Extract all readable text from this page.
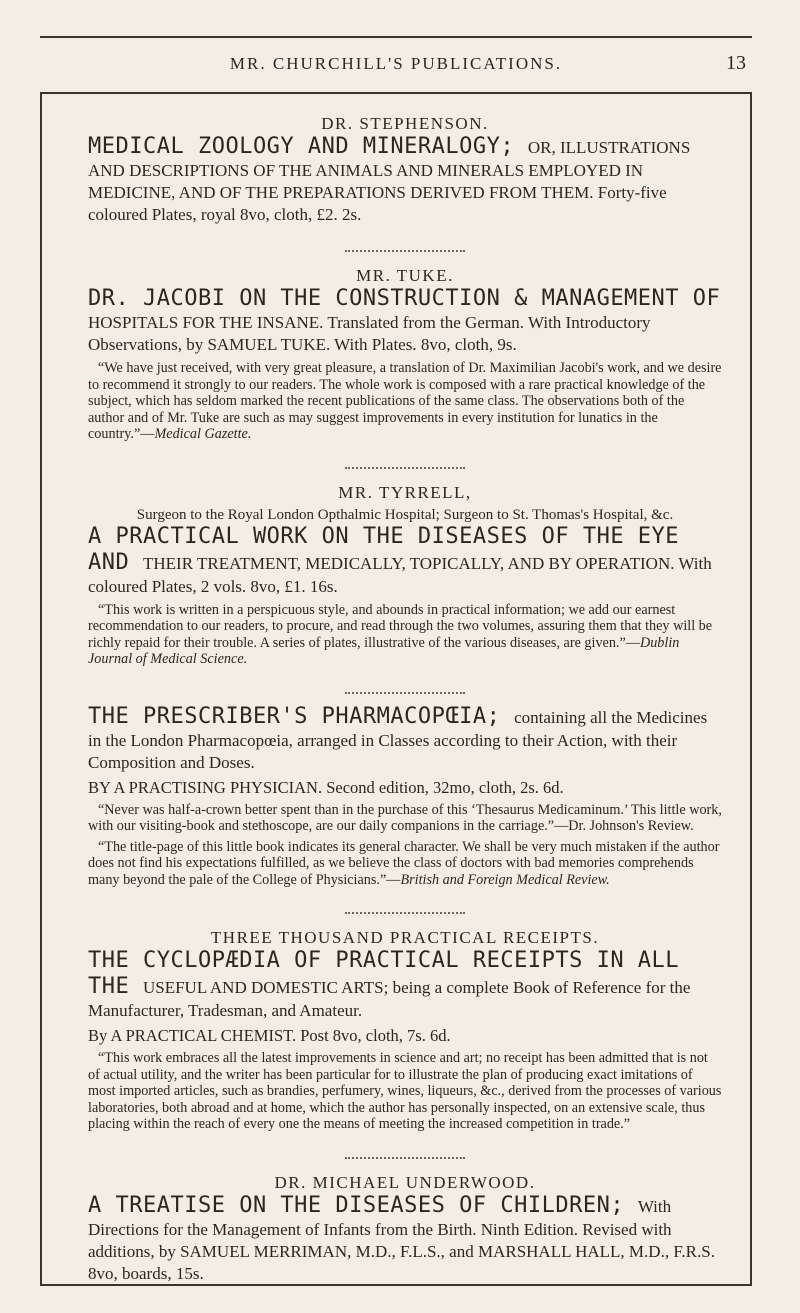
MR. CHURCHILL'S PUBLICATIONS.	13
DR. STEPHENSON.
MEDICAL ZOOLOGY AND MINERALOGY; OR, ILLUSTRATIONS AND DESCRIPTIONS OF THE ANIMALS AND MINERALS EMPLOYED IN MEDICINE, AND OF THE PREPARATIONS DERIVED FROM THEM. Forty-five coloured Plates, royal 8vo, cloth, £2. 2s.
MR. TUKE.
DR. JACOBI ON THE CONSTRUCTION & MANAGEMENT OF HOSPITALS FOR THE INSANE. Translated from the German. With Introductory Observations, by SAMUEL TUKE. With Plates. 8vo, cloth, 9s.
“We have just received, with very great pleasure, a translation of Dr. Maximilian Jacobi's work, and we desire to recommend it strongly to our readers. The whole work is composed with a rare practical knowledge of the subject, which has seldom marked the recent publications of the same class. The observations both of the author and of Mr. Tuke are such as may suggest improvements in every institution for lunatics in the country.”—Medical Gazette.
MR. TYRRELL,
Surgeon to the Royal London Opthalmic Hospital; Surgeon to St. Thomas's Hospital, &c.
A PRACTICAL WORK ON THE DISEASES OF THE EYE AND THEIR TREATMENT, MEDICALLY, TOPICALLY, AND BY OPERATION. With coloured Plates, 2 vols. 8vo, £1. 16s.
“This work is written in a perspicuous style, and abounds in practical information; we add our earnest recommendation to our readers, to procure, and read through the two volumes, assuring them that they will be richly repaid for their trouble. A series of plates, illustrative of the various diseases, are given.”—Dublin Journal of Medical Science.
THE PRESCRIBER'S PHARMACOPŒIA; containing all the Medicines in the London Pharmacopœia, arranged in Classes according to their Action, with their Composition and Doses.
BY A PRACTISING PHYSICIAN. Second edition, 32mo, cloth, 2s. 6d.
“Never was half-a-crown better spent than in the purchase of this ‘Thesaurus Medicaminum.’ This little work, with our visiting-book and stethoscope, are our daily companions in the carriage.”—Dr. Johnson's Review.
“The title-page of this little book indicates its general character. We shall be very much mistaken if the author does not find his expectations fulfilled, as we believe the class of doctors with bad memories comprehends many beyond the pale of the College of Physicians.”—British and Foreign Medical Review.
THREE THOUSAND PRACTICAL RECEIPTS.
THE CYCLOPÆDIA OF PRACTICAL RECEIPTS IN ALL THE USEFUL AND DOMESTIC ARTS; being a complete Book of Reference for the Manufacturer, Tradesman, and Amateur.
By A PRACTICAL CHEMIST. Post 8vo, cloth, 7s. 6d.
“This work embraces all the latest improvements in science and art; no receipt has been admitted that is not of actual utility, and the writer has been particular for to illustrate the plan of producing exact imitations of most imported articles, such as brandies, perfumery, wines, liqueurs, &c., derived from the processes of various laboratories, both abroad and at home, which the author has personally inspected, on an extensive scale, thus placing within the reach of every one the means of meeting the increased competition in trade.”
DR. MICHAEL UNDERWOOD.
A TREATISE ON THE DISEASES OF CHILDREN; With Directions for the Management of Infants from the Birth. Ninth Edition. Revised with additions, by SAMUEL MERRIMAN, M.D., F.L.S., and MARSHALL HALL, M.D., F.R.S. 8vo, boards, 15s.
